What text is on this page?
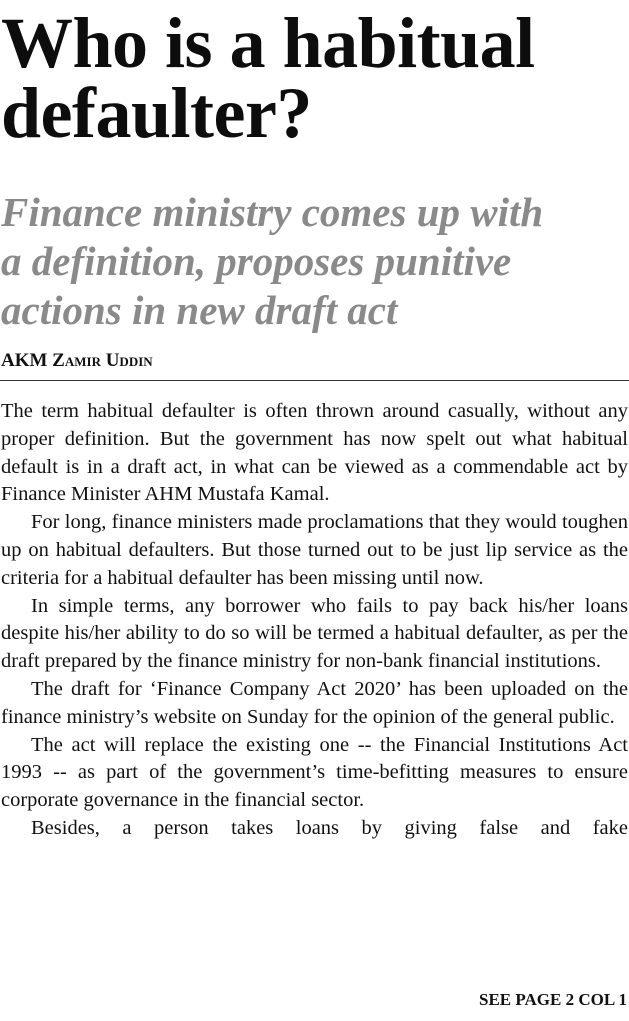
Who is a habitual
defaulter?
Finance ministry comes up with
a definition, proposes punitive
actions in new draft act

AKM Zamir Uddin

The term habitual defaulter is often thrown around casually, without any proper definition. But the government has now spelt out what habitual default is in a draft act, in what can be viewed as a commendable act by Finance Minister AHM Mustafa Kamal.

For long, finance ministers made proclamations that they would toughen up on habitual defaulters. But those turned out to be just lip service as the criteria for a habitual defaulter has been missing until now.

In simple terms, any borrower who fails to pay back his/her loans despite his/her ability to do so will be termed a habitual defaulter, as per the draft prepared by the finance ministry for non-bank financial institutions.

The draft for ‘Finance Company Act 2020’ has been uploaded on the finance ministry’s website on Sunday for the opinion of the general public.

The act will replace the existing one -- the Financial Institutions Act 1993 -- as part of the government’s time-befitting measures to ensure corporate governance in the financial sector.

Besides, a person takes loans by giving false and fake

SEE PAGE 2 COL 1
